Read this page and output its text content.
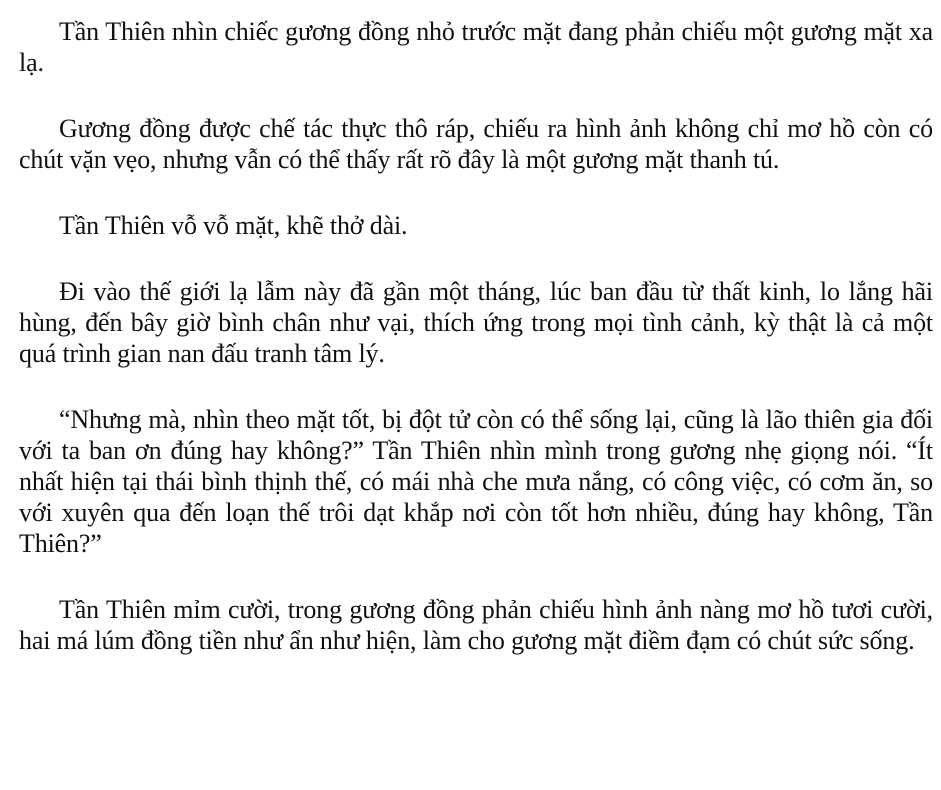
Tần Thiên nhìn chiếc gương đồng nhỏ trước mặt đang phản chiếu một gương mặt xa lạ.

Gương đồng được chế tác thực thô ráp, chiếu ra hình ảnh không chỉ mơ hồ còn có chút vặn vẹo, nhưng vẫn có thể thấy rất rõ đây là một gương mặt thanh tú.

Tần Thiên vỗ vỗ mặt, khẽ thở dài.

Đi vào thế giới lạ lẫm này đã gần một tháng, lúc ban đầu từ thất kinh, lo lắng hãi hùng, đến bây giờ bình chân như vại, thích ứng trong mọi tình cảnh, kỳ thật là cả một quá trình gian nan đấu tranh tâm lý.

“Nhưng mà, nhìn theo mặt tốt, bị đột tử còn có thể sống lại, cũng là lão thiên gia đối với ta ban ơn đúng hay không?” Tần Thiên nhìn mình trong gương nhẹ giọng nói. “Ít nhất hiện tại thái bình thịnh thế, có mái nhà che mưa nắng, có công việc, có cơm ăn, so với xuyên qua đến loạn thế trôi dạt khắp nơi còn tốt hơn nhiều, đúng hay không, Tần Thiên?”

Tần Thiên mỉm cười, trong gương đồng phản chiếu hình ảnh nàng mơ hồ tươi cười, hai má lúm đồng tiền như ẩn như hiện, làm cho gương mặt điềm đạm có chút sức sống.
